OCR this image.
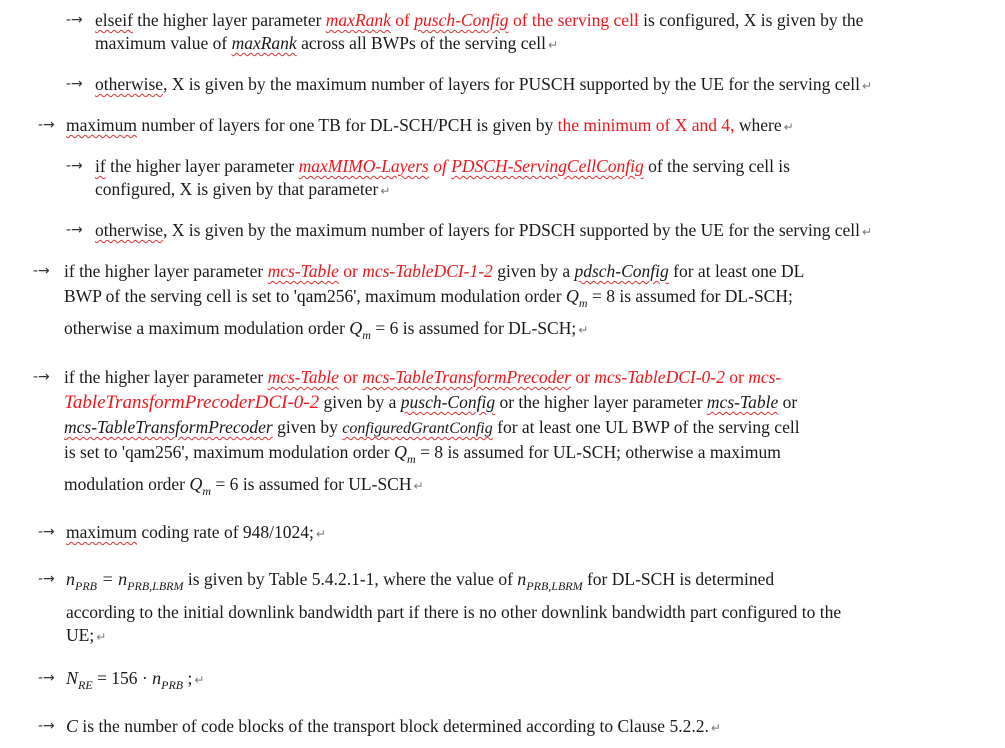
-→ elseif the higher layer parameter maxRank of pusch-Config of the serving cell is configured, X is given by the
maximum value of maxRank across all BWPs of the serving cell ↵
-→ otherwise, X is given by the maximum number of layers for PUSCH supported by the UE for the serving cell ↵
-→ maximum number of layers for one TB for DL-SCH/PCH is given by the minimum of X and 4, where ↵
-→ if the higher layer parameter maxMIMO-Layers of PDSCH-ServingCellConfig of the serving cell is
configured, X is given by that parameter ↵
-→ otherwise, X is given by the maximum number of layers for PDSCH supported by the UE for the serving cell ↵
-→ if the higher layer parameter mcs-Table or mcs-TableDCI-1-2 given by a pdsch-Config for at least one DL
BWP of the serving cell is set to 'qam256', maximum modulation order $Q_m = 8$ is assumed for DL-SCH;
otherwise a maximum modulation order $Q_m = 6$ is assumed for DL-SCH; ↵
-→ if the higher layer parameter mcs-Table or mcs-TableTransformPrecoder or mcs-TableDCI-0-2 or mcs-
TableTransformPrecoderDCI-0-2 given by a pusch-Config or the higher layer parameter mcs-Table or
mcs-TableTransformPrecoder given by configuredGrantConfig for at least one UL BWP of the serving cell
is set to 'qam256', maximum modulation order $Q_m = 8$ is assumed for UL-SCH; otherwise a maximum
modulation order $Q_m = 6$ is assumed for UL-SCH ↵
-→ maximum coding rate of 948/1024; ↵
-→ $n_{PRB} = n_{PRB,LBRM}$ is given by Table 5.4.2.1-1, where the value of $n_{PRB,LBRM}$ for DL-SCH is determined
according to the initial downlink bandwidth part if there is no other downlink bandwidth part configured to the
UE; ↵
-→ $N_{RE} = 156 \cdot n_{PRB}$ ; ↵
-→ C is the number of code blocks of the transport block determined according to Clause 5.2.2. ↵
